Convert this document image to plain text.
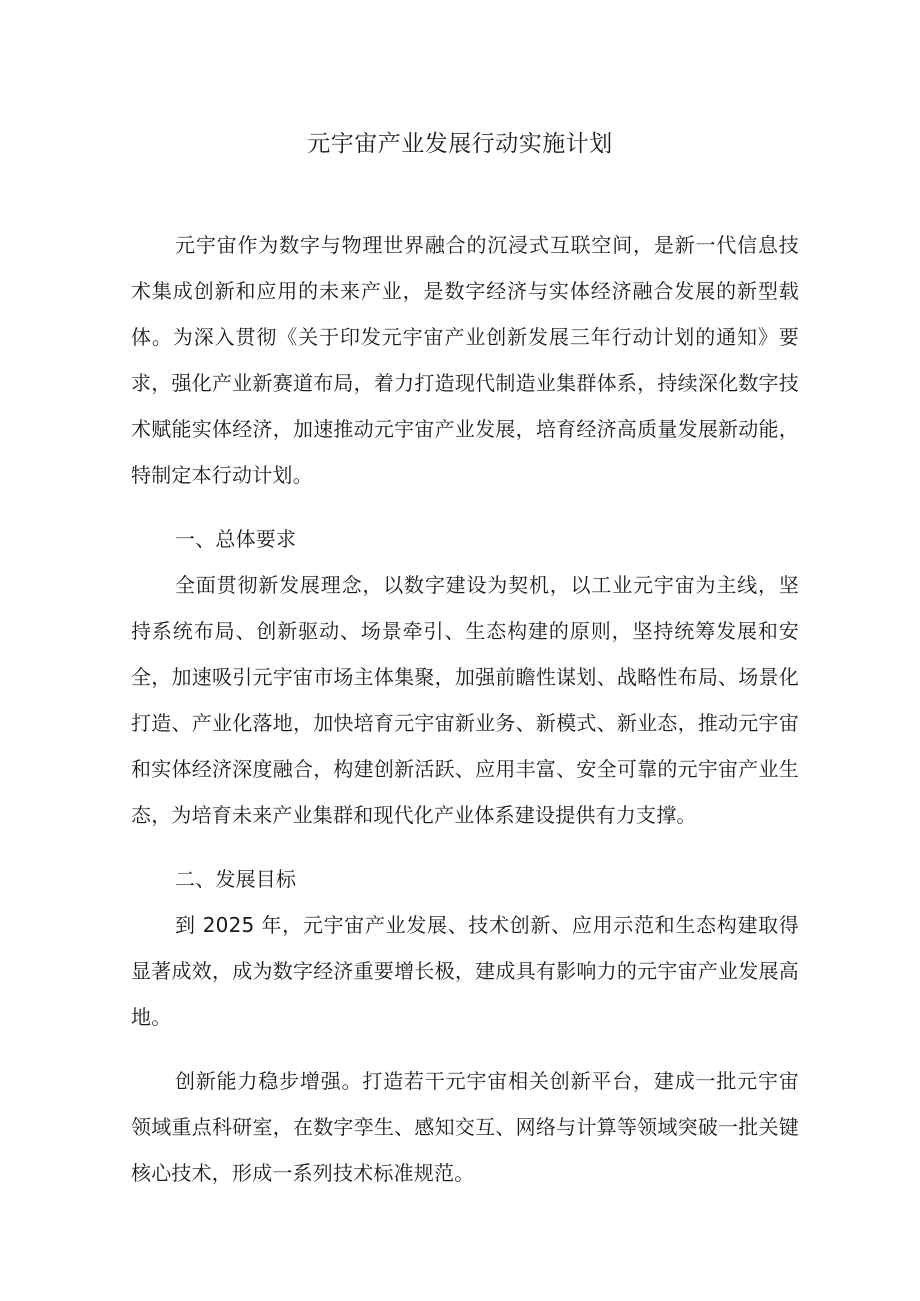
元宇宙产业发展行动实施计划

元宇宙作为数字与物理世界融合的沉浸式互联空间，是新一代信息技术集成创新和应用的未来产业，是数字经济与实体经济融合发展的新型载体。为深入贯彻《关于印发元宇宙产业创新发展三年行动计划的通知》要求，强化产业新赛道布局，着力打造现代制造业集群体系，持续深化数字技术赋能实体经济，加速推动元宇宙产业发展，培育经济高质量发展新动能，特制定本行动计划。

一、总体要求

全面贯彻新发展理念，以数字建设为契机，以工业元宇宙为主线，坚持系统布局、创新驱动、场景牵引、生态构建的原则，坚持统筹发展和安全，加速吸引元宇宙市场主体集聚，加强前瞻性谋划、战略性布局、场景化打造、产业化落地，加快培育元宇宙新业务、新模式、新业态，推动元宇宙和实体经济深度融合，构建创新活跃、应用丰富、安全可靠的元宇宙产业生态，为培育未来产业集群和现代化产业体系建设提供有力支撑。

二、发展目标

到 2025 年，元宇宙产业发展、技术创新、应用示范和生态构建取得显著成效，成为数字经济重要增长极，建成具有影响力的元宇宙产业发展高地。

创新能力稳步增强。打造若干元宇宙相关创新平台，建成一批元宇宙领域重点科研室，在数字孪生、感知交互、网络与计算等领域突破一批关键核心技术，形成一系列技术标准规范。
